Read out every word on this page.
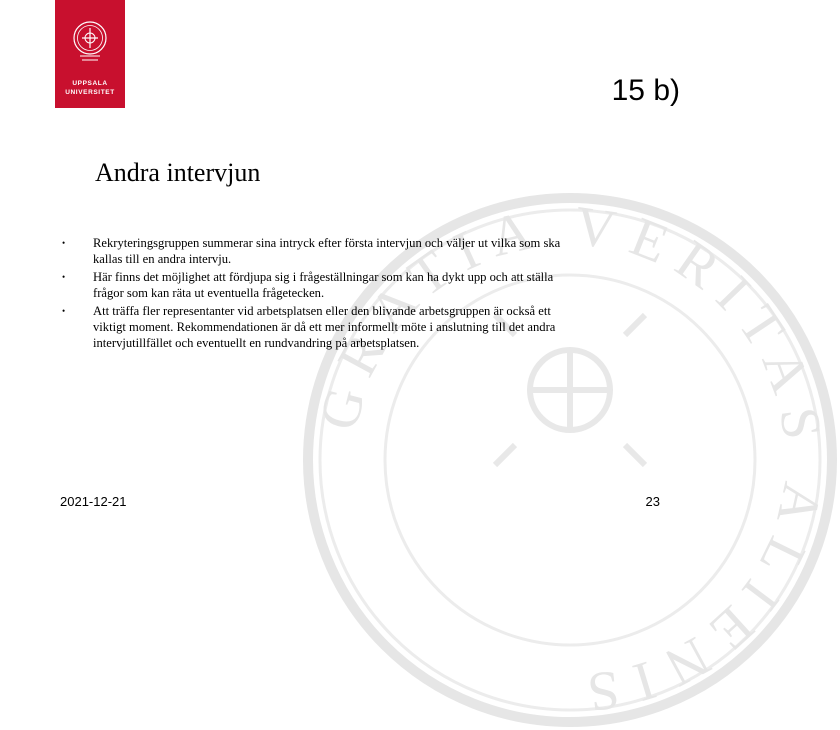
GRATIA VERITAS ALIENIS
UPPSALA
UNIVERSITET	15 b)
Andra intervjun
• Rekryteringsgruppen summerar sina intryck efter första intervjun och väljer ut vilka som ska kallas till en andra intervju.
• Här finns det möjlighet att fördjupa sig i frågeställningar som kan ha dykt upp och att ställa frågor som kan räta ut eventuella frågetecken.
• Att träffa fler representanter vid arbetsplatsen eller den blivande arbetsgruppen är också ett viktigt moment. Rekommendationen är då ett mer informellt möte i anslutning till det andra intervjutillfället och eventuellt en rundvandring på arbetsplatsen.
2021-12-21	23
